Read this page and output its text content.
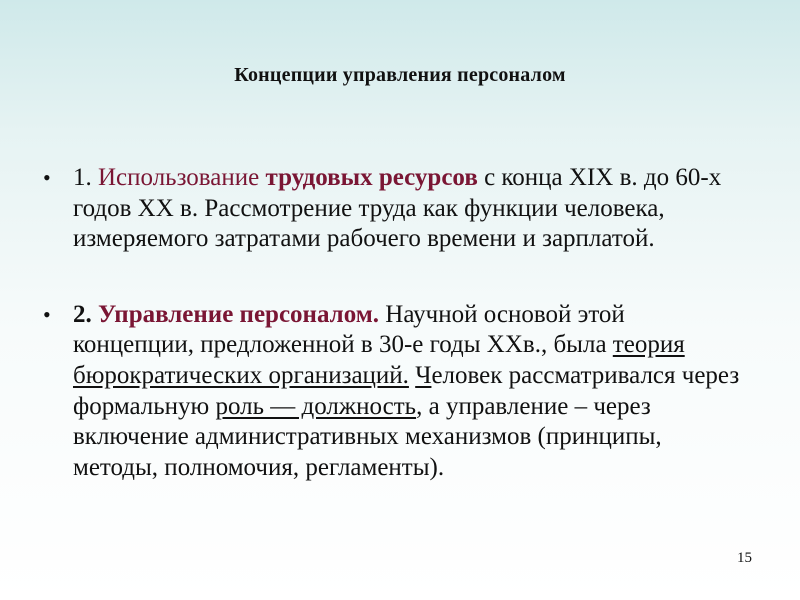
Концепции управления персоналом
• 1. Использование трудовых ресурсов с конца XIX в. до 60-х годов XX в. Рассмотрение труда как функции человека, измеряемого затратами рабочего времени и зарплатой.
• 2. Управление персоналом. Научной основой этой концепции, предложенной в 30-е годы XXв., была теория бюрократических организаций. Человек рассматривался через формальную роль — должность, а управление – через включение административных механизмов (принципы, методы, полномочия, регламенты).
15
